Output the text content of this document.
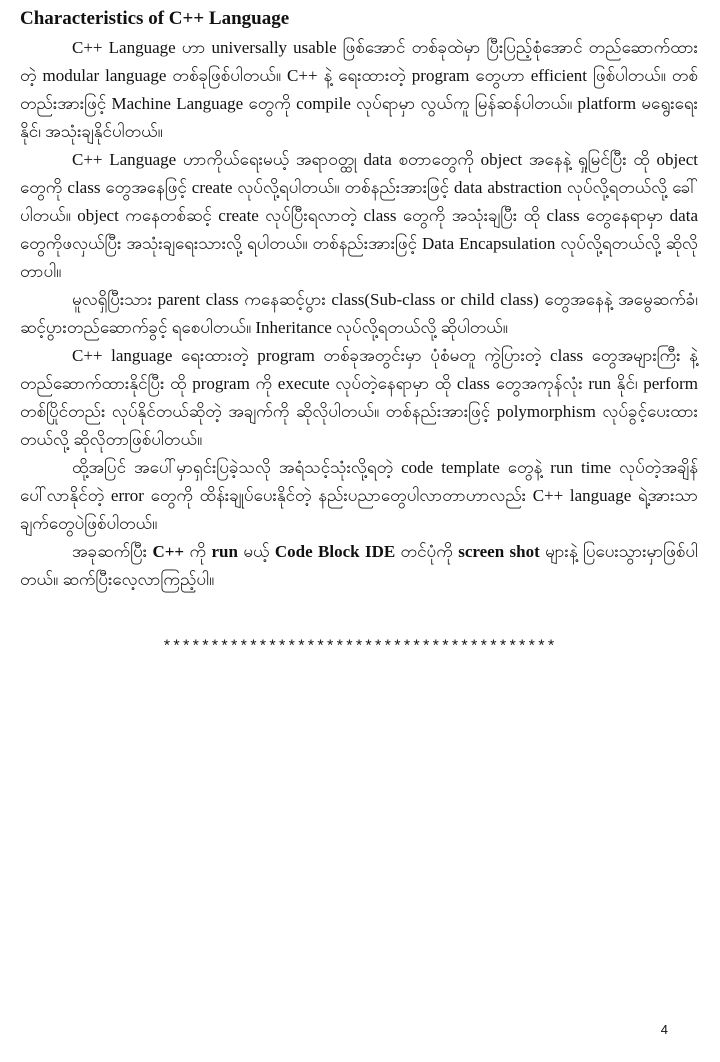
Characteristics of C++ Language

C++ Language ဟာ universally usable ဖြစ်အောင် တစ်ခုထဲမှာ ပြီးပြည့်စုံအောင် တည်ဆောက်ထားတဲ့ modular language တစ်ခုဖြစ်ပါတယ်။ C++ နဲ့ ရေးထားတဲ့ program တွေဟာ efficient ဖြစ်ပါတယ်။ တစ်တည်းအားဖြင့် Machine Language တွေကို compile လုပ်ရာမှာ လွယ်ကူ မြန်ဆန်ပါတယ်။ platform မရွေးရေးနိုင်၊ အသုံးချနိုင်ပါတယ်။

C++ Language ဟာကိုယ်ရေးမယ့် အရာဝတ္ထု data စတာတွေကို object အနေနဲ့ ရှုမြင်ပြီး ထို object တွေကို class တွေအနေဖြင့် create လုပ်လို့ရပါတယ်။ တစ်နည်းအားဖြင့် data abstraction လုပ်လို့ရတယ်လို့ ခေါ်ပါတယ်။ object ကနေတစ်ဆင့် create လုပ်ပြီးရလာတဲ့ class တွေကို အသုံးချပြီး ထို class တွေနေရာမှာ data တွေကိုဖလှယ်ပြီး အသုံးချရေးသားလို့ ရပါတယ်။ တစ်နည်းအားဖြင့် Data Encapsulation လုပ်လို့ရတယ်လို့ ဆိုလိုတာပါ။

မူလရှိပြီးသား parent class ကနေဆင့်ပွား class(Sub-class or child class) တွေအနေနဲ့ အမွေဆက်ခံ၊ ဆင့်ပွားတည်ဆောက်ခွင့် ရစေပါတယ်။ Inheritance လုပ်လို့ရတယ်လို့ ဆိုပါတယ်။

C++ language ရေးထားတဲ့ program တစ်ခုအတွင်းမှာ ပုံစံမတူ ကွဲပြားတဲ့ class တွေအများကြီး နဲ့ တည်ဆောက်ထားနိုင်ပြီး ထို program ကို execute လုပ်တဲ့နေရာမှာ ထို class တွေအကုန်လုံး run နိုင်၊ perform တစ်ပြိုင်တည်း လုပ်နိုင်တယ်ဆိုတဲ့ အချက်ကို ဆိုလိုပါတယ်။ တစ်နည်းအားဖြင့် polymorphism လုပ်ခွင့်ပေးထားတယ်လို့ ဆိုလိုတာဖြစ်ပါတယ်။

ထို့အပြင် အပေါ်မှာရှင်းပြခဲ့သလို အရံသင့်သုံးလို့ရတဲ့ code template တွေနဲ့ run time လုပ်တဲ့အချိန်ပေါ်လာနိုင်တဲ့ error တွေကို ထိန်းချုပ်ပေးနိုင်တဲ့ နည်းပညာတွေပါလာတာဟာလည်း C++ language ရဲ့အားသာချက်တွေပဲဖြစ်ပါတယ်။

အခုဆက်ပြီး C++ ကို run မယ့် Code Block IDE တင်ပုံကို screen shot များနဲ့ ပြပေးသွားမှာဖြစ်ပါတယ်။ ဆက်ပြီးလေ့လာကြည့်ပါ။

*****************************************
4
